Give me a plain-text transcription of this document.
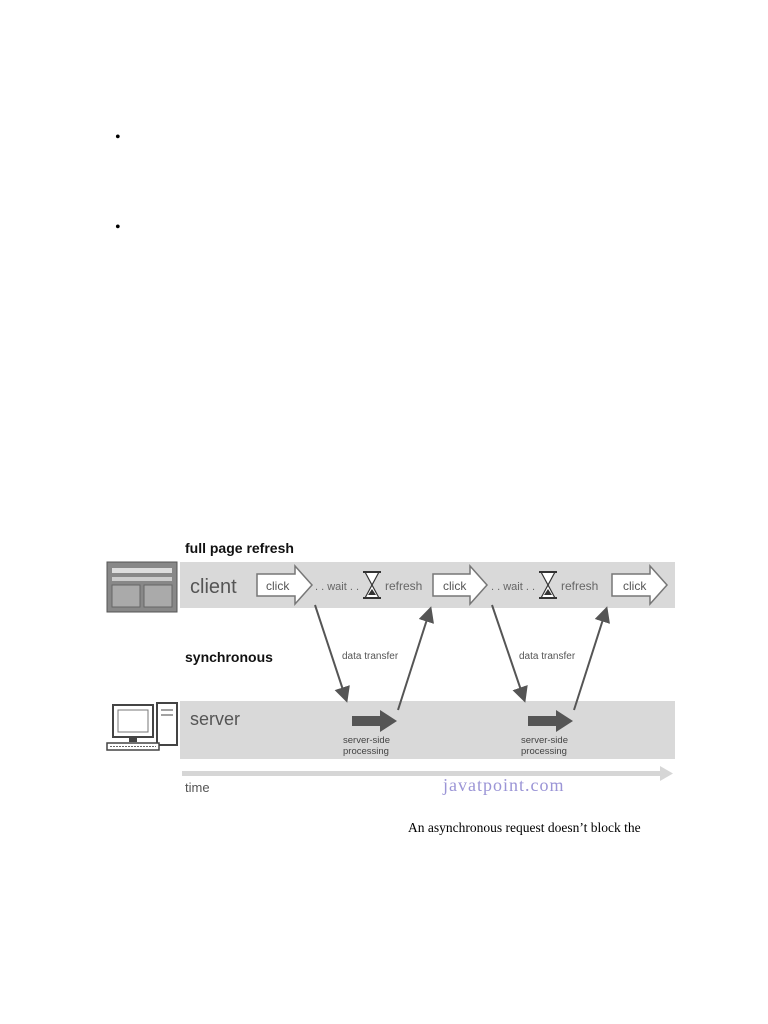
•
•
full page refresh
client click . . wait . . refresh click . . wait . . refresh click
synchronous
server
data transfer	data transfer
server-side
processing
server-side
processing
time	javatpoint.com
An asynchronous request doesn’t block the
